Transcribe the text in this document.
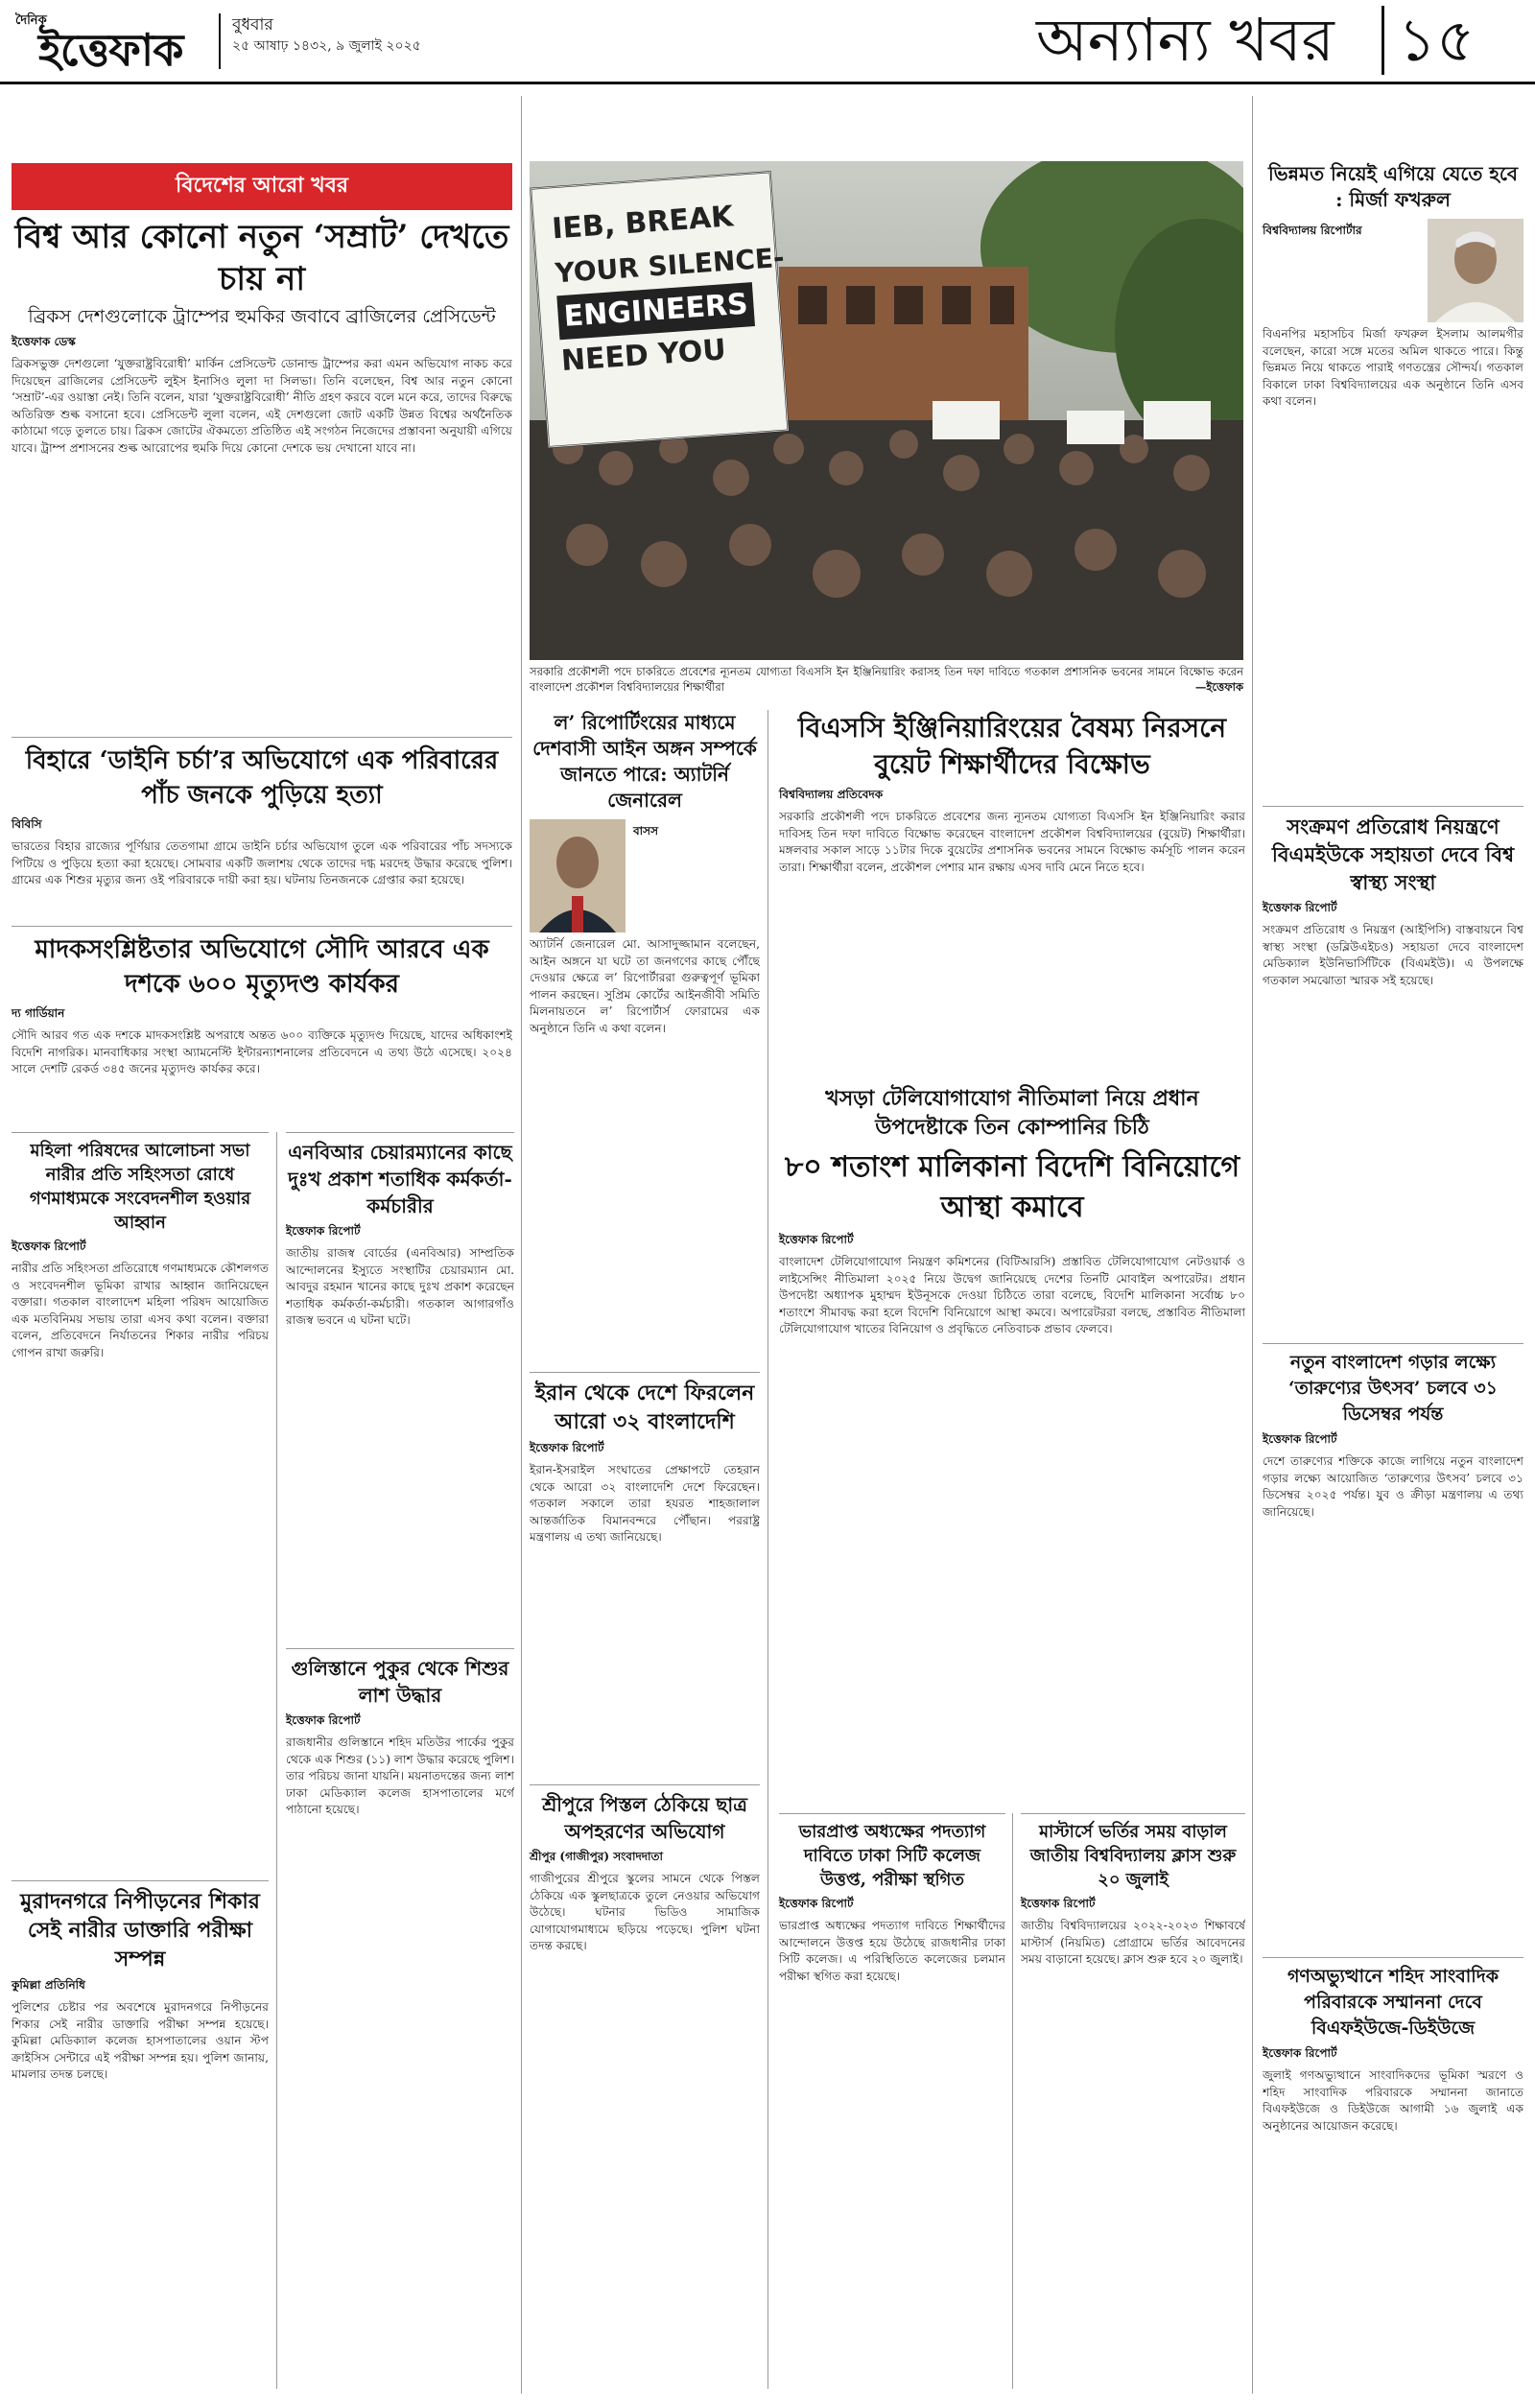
দৈনিক
ইত্তেফাক	বুধবার
২৫ আষাঢ় ১৪৩২, ৯ জুলাই ২০২৫	অন্যান্য খবর ১৫
বিদেশের আরো খবর
বিশ্ব আর কোনো নতুন ‘সম্রাট’ দেখতে চায় না
ব্রিকস দেশগুলোকে ট্রাম্পের হুমকির জবাবে ব্রাজিলের প্রেসিডেন্ট
ইত্তেফাক ডেস্ক
ব্রিকসভুক্ত দেশগুলো ‘যুক্তরাষ্ট্রবিরোধী’ মার্কিন প্রেসিডেন্ট ডোনাল্ড ট্রাম্পের করা এমন অভিযোগ নাকচ করে দিয়েছেন ব্রাজিলের প্রেসিডেন্ট লুইস ইনাসিও লুলা দা সিলভা। তিনি বলেছেন, বিশ্ব আর নতুন কোনো ‘সম্রাট’-এর ওয়াস্তা নেই। তিনি বলেন, যারা ‘যুক্তরাষ্ট্রবিরোধী’ নীতি গ্রহণ করবে বলে মনে করে, তাদের বিরুদ্ধে অতিরিক্ত শুল্ক বসানো হবে। প্রেসিডেন্ট লুলা বলেন, এই দেশগুলো জোট একটি উন্নত বিশ্বের অর্থনৈতিক কাঠামো গড়ে তুলতে চায়। ব্রিকস জোটের ঐকমত্যে প্রতিষ্ঠিত এই সংগঠন নিজেদের প্রস্তাবনা অনুযায়ী এগিয়ে যাবে। ট্রাম্প প্রশাসনের শুল্ক আরোপের হুমকি দিয়ে কোনো দেশকে ভয় দেখানো যাবে না।
বিহারে ‘ডাইনি চর্চা’র অভিযোগে এক পরিবারের পাঁচ জনকে পুড়িয়ে হত্যা
বিবিসি
ভারতের বিহার রাজ্যের পূর্ণিয়ার তেতগামা গ্রামে ডাইনি চর্চার অভিযোগ তুলে এক পরিবারের পাঁচ সদস্যকে পিটিয়ে ও পুড়িয়ে হত্যা করা হয়েছে। সোমবার একটি জলাশয় থেকে তাদের দগ্ধ মরদেহ উদ্ধার করেছে পুলিশ। গ্রামের এক শিশুর মৃত্যুর জন্য ওই পরিবারকে দায়ী করা হয়। ঘটনায় তিনজনকে গ্রেপ্তার করা হয়েছে।
মাদকসংশ্লিষ্টতার অভিযোগে সৌদি আরবে এক দশকে ৬০০ মৃত্যুদণ্ড কার্যকর
দ্য গার্ডিয়ান
সৌদি আরব গত এক দশকে মাদকসংশ্লিষ্ট অপরাধে অন্তত ৬০০ ব্যক্তিকে মৃত্যুদণ্ড দিয়েছে, যাদের অধিকাংশই বিদেশি নাগরিক। মানবাধিকার সংস্থা অ্যামনেস্টি ইন্টারন্যাশনালের প্রতিবেদনে এ তথ্য উঠে এসেছে। ২০২৪ সালে দেশটি রেকর্ড ৩৪৫ জনের মৃত্যুদণ্ড কার্যকর করে।
মহিলা পরিষদের আলোচনা সভা নারীর প্রতি সহিংসতা রোধে গণমাধ্যমকে সংবেদনশীল হওয়ার আহ্বান
ইত্তেফাক রিপোর্ট
নারীর প্রতি সহিংসতা প্রতিরোধে গণমাধ্যমকে কৌশলগত ও সংবেদনশীল ভূমিকা রাখার আহ্বান জানিয়েছেন বক্তারা। গতকাল বাংলাদেশ মহিলা পরিষদ আয়োজিত এক মতবিনিময় সভায় তারা এসব কথা বলেন। বক্তারা বলেন, প্রতিবেদনে নির্যাতনের শিকার নারীর পরিচয় গোপন রাখা জরুরি।
মুরাদনগরে নিপীড়নের শিকার সেই নারীর ডাক্তারি পরীক্ষা সম্পন্ন
কুমিল্লা প্রতিনিধি
পুলিশের চেষ্টার পর অবশেষে মুরাদনগরে নিপীড়নের শিকার সেই নারীর ডাক্তারি পরীক্ষা সম্পন্ন হয়েছে। কুমিল্লা মেডিক্যাল কলেজ হাসপাতালের ওয়ান স্টপ ক্রাইসিস সেন্টারে এই পরীক্ষা সম্পন্ন হয়। পুলিশ জানায়, মামলার তদন্ত চলছে।
এনবিআর চেয়ারম্যানের কাছে দুঃখ প্রকাশ শতাধিক কর্মকর্তা-কর্মচারীর
ইত্তেফাক রিপোর্ট
জাতীয় রাজস্ব বোর্ডের (এনবিআর) সাম্প্রতিক আন্দোলনের ইস্যুতে সংস্থাটির চেয়ারম্যান মো. আবদুর রহমান খানের কাছে দুঃখ প্রকাশ করেছেন শতাধিক কর্মকর্তা-কর্মচারী। গতকাল আগারগাঁও রাজস্ব ভবনে এ ঘটনা ঘটে।
গুলিস্তানে পুকুর থেকে শিশুর লাশ উদ্ধার
ইত্তেফাক রিপোর্ট
রাজধানীর গুলিস্তানে শহিদ মতিউর পার্কের পুকুর থেকে এক শিশুর (১১) লাশ উদ্ধার করেছে পুলিশ। তার পরিচয় জানা যায়নি। ময়নাতদন্তের জন্য লাশ ঢাকা মেডিক্যাল কলেজ হাসপাতালের মর্গে পাঠানো হয়েছে।
IEB, BREAK
YOUR SILENCE-
ENGINEERS
NEED YOU
সরকারি প্রকৌশলী পদে চাকরিতে প্রবেশের ন্যূনতম যোগ্যতা বিএসসি ইন ইঞ্জিনিয়ারিং করাসহ তিন দফা দাবিতে গতকাল প্রশাসনিক ভবনের সামনে বিক্ষোভ করেন বাংলাদেশ প্রকৌশল বিশ্ববিদ্যালয়ের শিক্ষার্থীরা	—ইত্তেফাক
ল’ রিপোর্টিংয়ের মাধ্যমে দেশবাসী আইন অঙ্গন সম্পর্কে জানতে পারে: অ্যাটর্নি জেনারেল
বাসস
অ্যাটর্নি জেনারেল মো. আসাদুজ্জামান বলেছেন, আইন অঙ্গনে যা ঘটে তা জনগণের কাছে পৌঁছে দেওয়ার ক্ষেত্রে ল’ রিপোর্টাররা গুরুত্বপূর্ণ ভূমিকা পালন করছেন। সুপ্রিম কোর্টের আইনজীবী সমিতি মিলনায়তনে ল’ রিপোর্টার্স ফোরামের এক অনুষ্ঠানে তিনি এ কথা বলেন।
বিএসসি ইঞ্জিনিয়ারিংয়ের বৈষম্য নিরসনে বুয়েট শিক্ষার্থীদের বিক্ষোভ
বিশ্ববিদ্যালয় প্রতিবেদক
সরকারি প্রকৌশলী পদে চাকরিতে প্রবেশের জন্য ন্যূনতম যোগ্যতা বিএসসি ইন ইঞ্জিনিয়ারিং করার দাবিসহ তিন দফা দাবিতে বিক্ষোভ করেছেন বাংলাদেশ প্রকৌশল বিশ্ববিদ্যালয়ের (বুয়েট) শিক্ষার্থীরা। মঙ্গলবার সকাল সাড়ে ১১টার দিকে বুয়েটের প্রশাসনিক ভবনের সামনে বিক্ষোভ কর্মসূচি পালন করেন তারা। শিক্ষার্থীরা বলেন, প্রকৌশল পেশার মান রক্ষায় এসব দাবি মেনে নিতে হবে।
খসড়া টেলিযোগাযোগ নীতিমালা নিয়ে প্রধান উপদেষ্টাকে তিন কোম্পানির চিঠি
৮০ শতাংশ মালিকানা বিদেশি বিনিয়োগে আস্থা কমাবে
ইত্তেফাক রিপোর্ট
বাংলাদেশ টেলিযোগাযোগ নিয়ন্ত্রণ কমিশনের (বিটিআরসি) প্রস্তাবিত টেলিযোগাযোগ নেটওয়ার্ক ও লাইসেন্সিং নীতিমালা ২০২৫ নিয়ে উদ্বেগ জানিয়েছে দেশের তিনটি মোবাইল অপারেটর। প্রধান উপদেষ্টা অধ্যাপক মুহাম্মদ ইউনূসকে দেওয়া চিঠিতে তারা বলেছে, বিদেশি মালিকানা সর্বোচ্চ ৮০ শতাংশে সীমাবদ্ধ করা হলে বিদেশি বিনিয়োগে আস্থা কমবে। অপারেটররা বলছে, প্রস্তাবিত নীতিমালা টেলিযোগাযোগ খাতের বিনিয়োগ ও প্রবৃদ্ধিতে নেতিবাচক প্রভাব ফেলবে।
ইরান থেকে দেশে ফিরলেন আরো ৩২ বাংলাদেশি
ইত্তেফাক রিপোর্ট
ইরান-ইসরাইল সংঘাতের প্রেক্ষাপটে তেহরান থেকে আরো ৩২ বাংলাদেশি দেশে ফিরেছেন। গতকাল সকালে তারা হযরত শাহজালাল আন্তর্জাতিক বিমানবন্দরে পৌঁছান। পররাষ্ট্র মন্ত্রণালয় এ তথ্য জানিয়েছে।
শ্রীপুরে পিস্তল ঠেকিয়ে ছাত্র অপহরণের অভিযোগ
শ্রীপুর (গাজীপুর) সংবাদদাতা
গাজীপুরের শ্রীপুরে স্কুলের সামনে থেকে পিস্তল ঠেকিয়ে এক স্কুলছাত্রকে তুলে নেওয়ার অভিযোগ উঠেছে। ঘটনার ভিডিও সামাজিক যোগাযোগমাধ্যমে ছড়িয়ে পড়েছে। পুলিশ ঘটনা তদন্ত করছে।
ভারপ্রাপ্ত অধ্যক্ষের পদত্যাগ দাবিতে ঢাকা সিটি কলেজ উত্তপ্ত, পরীক্ষা স্থগিত
ইত্তেফাক রিপোর্ট
ভারপ্রাপ্ত অধ্যক্ষের পদত্যাগ দাবিতে শিক্ষার্থীদের আন্দোলনে উত্তপ্ত হয়ে উঠেছে রাজধানীর ঢাকা সিটি কলেজ। এ পরিস্থিতিতে কলেজের চলমান পরীক্ষা স্থগিত করা হয়েছে।
মাস্টার্সে ভর্তির সময় বাড়াল জাতীয় বিশ্ববিদ্যালয় ক্লাস শুরু ২০ জুলাই
ইত্তেফাক রিপোর্ট
জাতীয় বিশ্ববিদ্যালয়ের ২০২২-২০২৩ শিক্ষাবর্ষে মাস্টার্স (নিয়মিত) প্রোগ্রামে ভর্তির আবেদনের সময় বাড়ানো হয়েছে। ক্লাস শুরু হবে ২০ জুলাই।
ভিন্নমত নিয়েই এগিয়ে যেতে হবে : মির্জা ফখরুল
বিশ্ববিদ্যালয় রিপোর্টার
বিএনপির মহাসচিব মির্জা ফখরুল ইসলাম আলমগীর বলেছেন, কারো সঙ্গে মতের অমিল থাকতে পারে। কিন্তু ভিন্নমত নিয়ে থাকতে পারাই গণতন্ত্রের সৌন্দর্য। গতকাল বিকালে ঢাকা বিশ্ববিদ্যালয়ের এক অনুষ্ঠানে তিনি এসব কথা বলেন।
সংক্রমণ প্রতিরোধ নিয়ন্ত্রণে বিএমইউকে সহায়তা দেবে বিশ্ব স্বাস্থ্য সংস্থা
ইত্তেফাক রিপোর্ট
সংক্রমণ প্রতিরোধ ও নিয়ন্ত্রণ (আইপিসি) বাস্তবায়নে বিশ্ব স্বাস্থ্য সংস্থা (ডব্লিউএইচও) সহায়তা দেবে বাংলাদেশ মেডিক্যাল ইউনিভার্সিটিকে (বিএমইউ)। এ উপলক্ষে গতকাল সমঝোতা স্মারক সই হয়েছে।
নতুন বাংলাদেশ গড়ার লক্ষ্যে ‘তারুণ্যের উৎসব’ চলবে ৩১ ডিসেম্বর পর্যন্ত
ইত্তেফাক রিপোর্ট
দেশে তারুণ্যের শক্তিকে কাজে লাগিয়ে নতুন বাংলাদেশ গড়ার লক্ষ্যে আয়োজিত ‘তারুণ্যের উৎসব’ চলবে ৩১ ডিসেম্বর ২০২৫ পর্যন্ত। যুব ও ক্রীড়া মন্ত্রণালয় এ তথ্য জানিয়েছে।
গণঅভ্যুত্থানে শহিদ সাংবাদিক পরিবারকে সম্মাননা দেবে বিএফইউজে-ডিইউজে
ইত্তেফাক রিপোর্ট
জুলাই গণঅভ্যুত্থানে সাংবাদিকদের ভূমিকা স্মরণে ও শহিদ সাংবাদিক পরিবারকে সম্মাননা জানাতে বিএফইউজে ও ডিইউজে আগামী ১৬ জুলাই এক অনুষ্ঠানের আয়োজন করেছে।
